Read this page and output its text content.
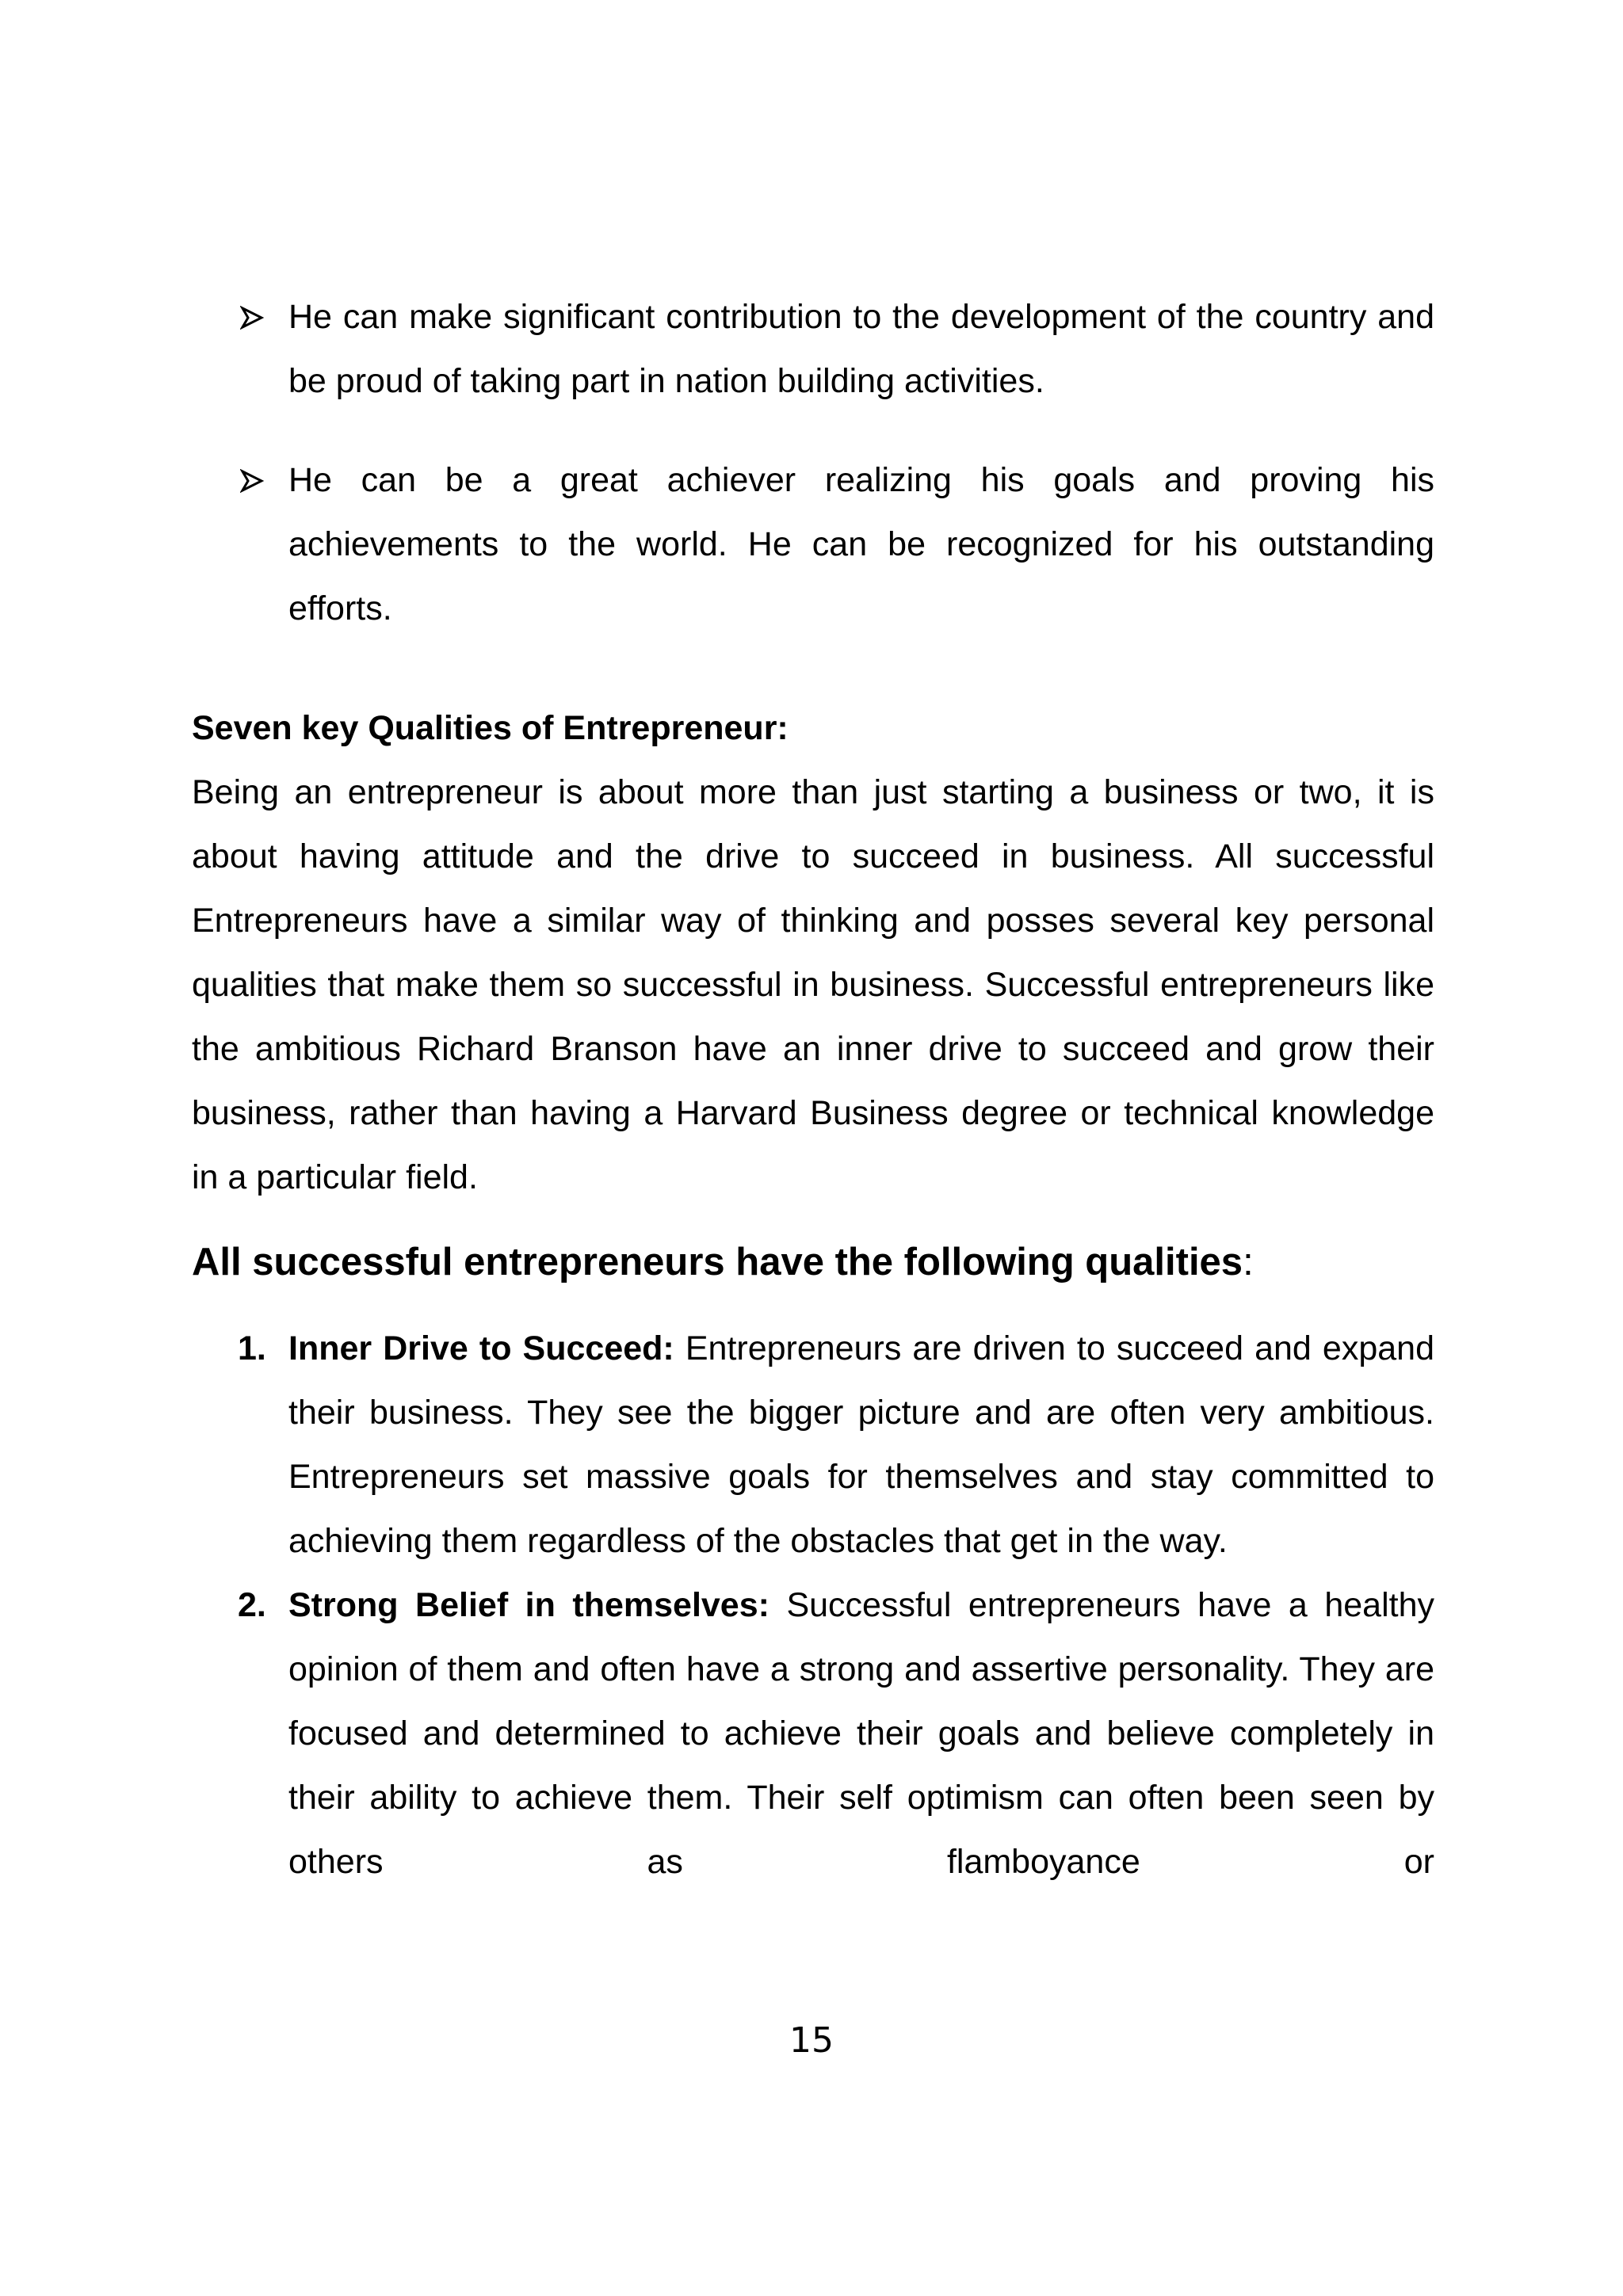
He can make significant contribution to the development of the country and be proud of taking part in nation building activities.
He can be a great achiever realizing his goals and proving his achievements to the world. He can be recognized for his outstanding efforts.
Seven key Qualities of Entrepreneur:

Being an entrepreneur is about more than just starting a business or two, it is about having attitude and the drive to succeed in business. All successful Entrepreneurs have a similar way of thinking and posses several key personal qualities that make them so successful in business. Successful entrepreneurs like the ambitious Richard Branson have an inner drive to succeed and grow their business, rather than having a Harvard Business degree or technical knowledge in a particular field.

All successful entrepreneurs have the following qualities:
1. Inner Drive to Succeed: Entrepreneurs are driven to succeed and expand their business. They see the bigger picture and are often very ambitious. Entrepreneurs set massive goals for themselves and stay committed to achieving them regardless of the obstacles that get in the way.
2. Strong Belief in themselves: Successful entrepreneurs have a healthy opinion of them and often have a strong and assertive personality. They are focused and determined to achieve their goals and believe completely in their ability to achieve them. Their self optimism can often been seen by others as flamboyance or
15
